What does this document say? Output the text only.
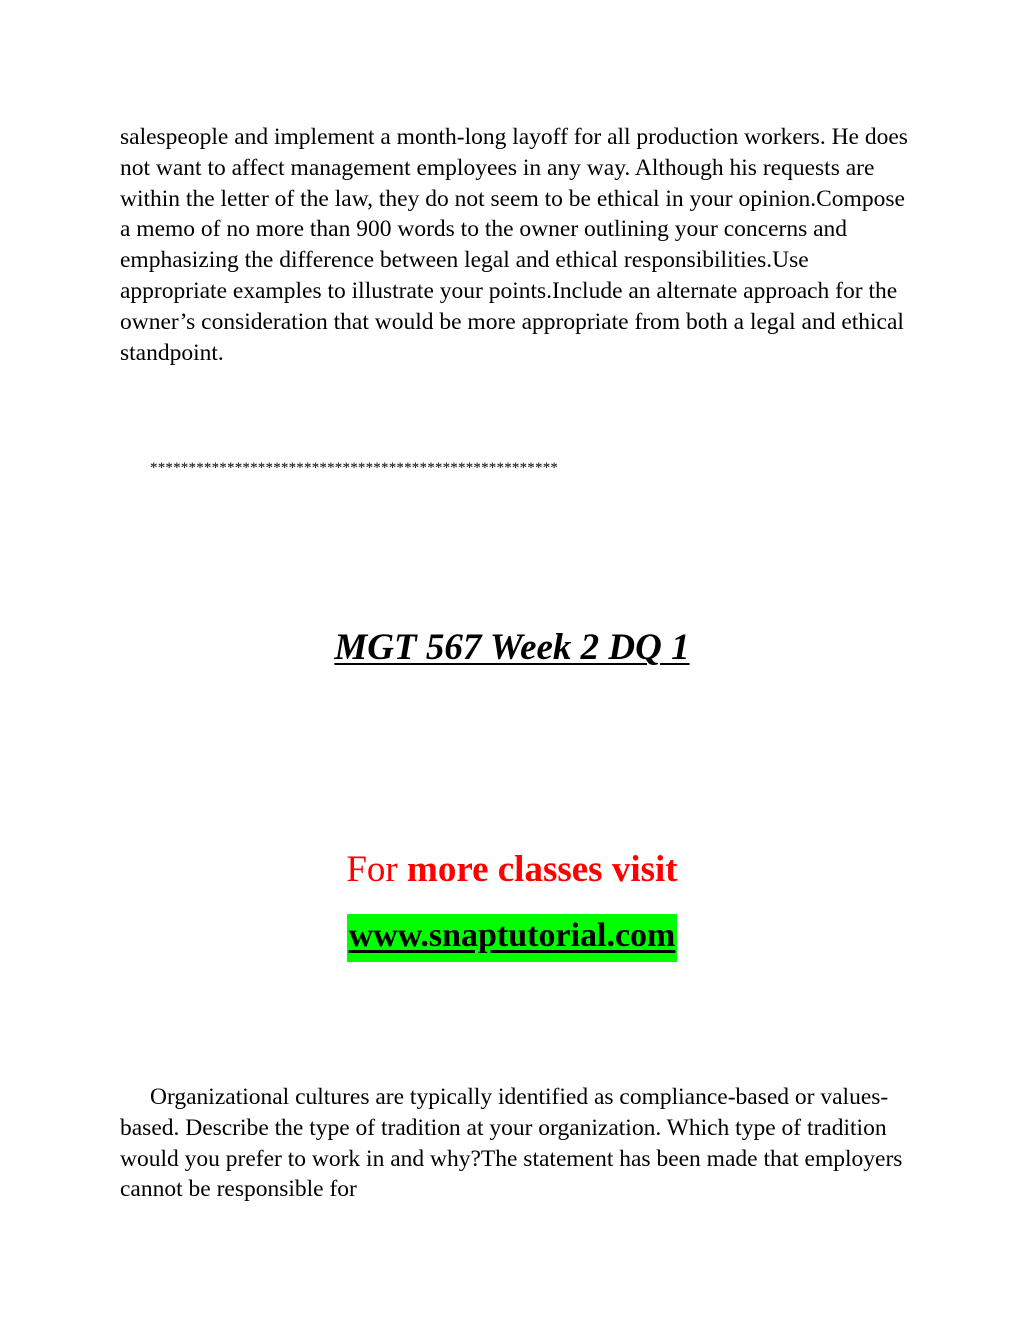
salespeople and implement a month-long layoff for all production workers. He does not want to affect management employees in any way. Although his requests are within the letter of the law, they do not seem to be ethical in your opinion.Compose a memo of no more than 900 words to the owner outlining your concerns and emphasizing the difference between legal and ethical responsibilities.Use appropriate examples to illustrate your points.Include an alternate approach for the owner’s consideration that would be more appropriate from both a legal and ethical standpoint.

*****************************************************

MGT 567 Week 2 DQ 1

For more classes visit

www.snaptutorial.com

Organizational cultures are typically identified as compliance-based or values-based. Describe the type of tradition at your organization. Which type of tradition would you prefer to work in and why?The statement has been made that employers cannot be responsible for
